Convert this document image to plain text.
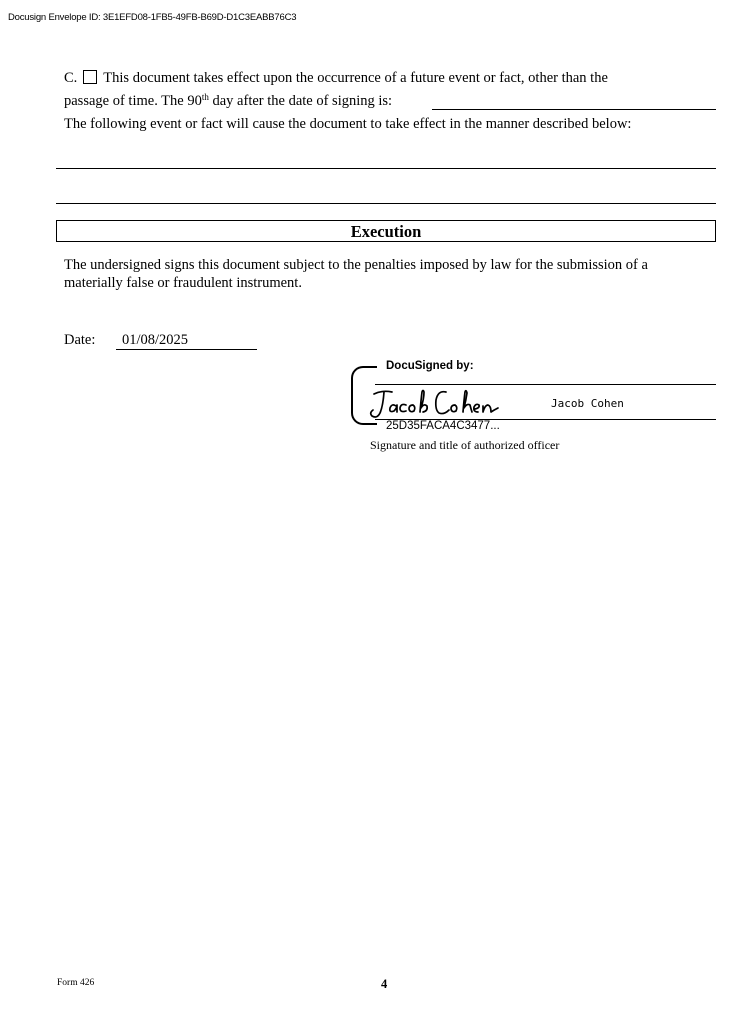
Docusign Envelope ID: 3E1EFD08-1FB5-49FB-B69D-D1C3EABB76C3
C. This document takes effect upon the occurrence of a future event or fact, other than the
passage of time. The 90th day after the date of signing is:
The following event or fact will cause the document to take effect in the manner described below:
Execution
The undersigned signs this document subject to the penalties imposed by law for the submission of a
materially false or fraudulent instrument.
Date: 01/08/2025
DocuSigned by:
Jacob Cohen
25D35FACA4C3477...
Signature and title of authorized officer
Form 426	4
